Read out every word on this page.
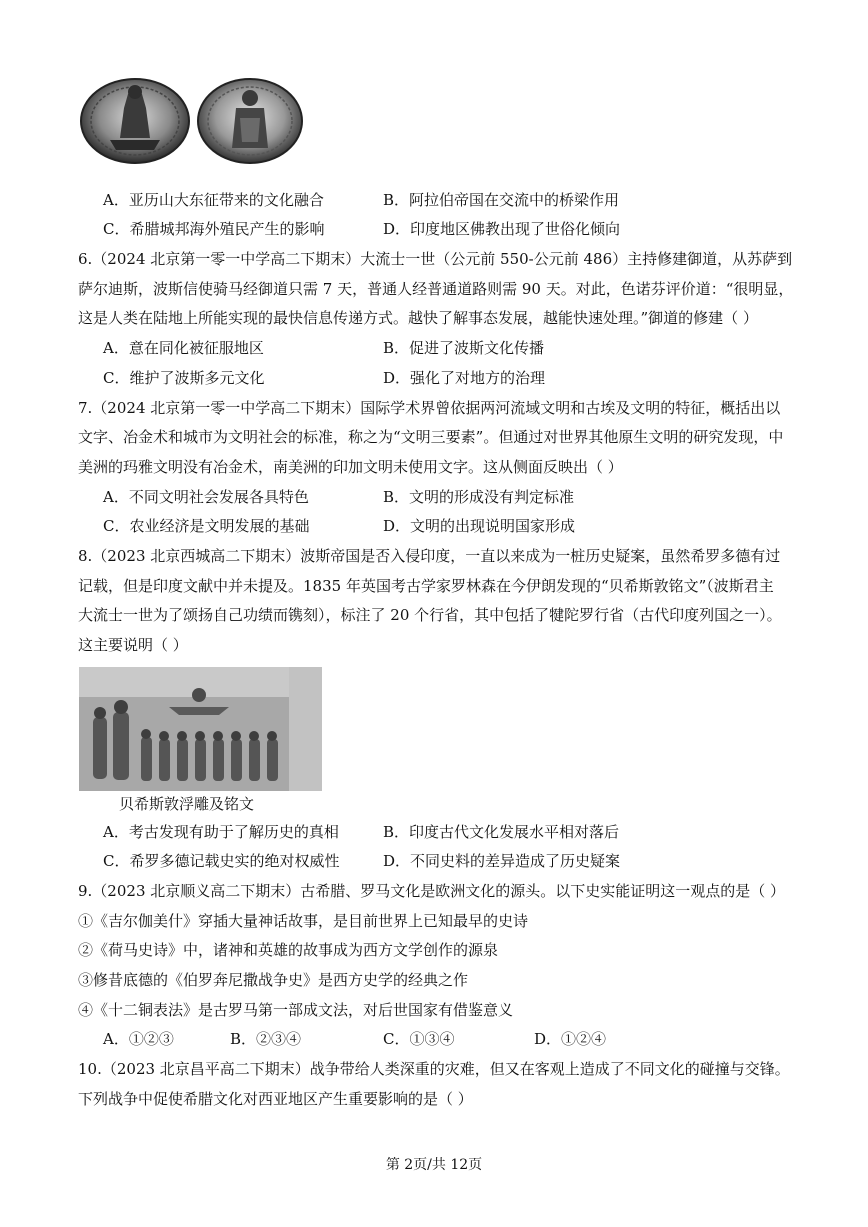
A．亚历山大东征带来的文化融合	B．阿拉伯帝国在交流中的桥梁作用
C．希腊城邦海外殖民产生的影响	D．印度地区佛教出现了世俗化倾向
6.（2024 北京第一零一中学高二下期末）大流士一世（公元前 550-公元前 486）主持修建御道，从苏萨到
萨尔迪斯，波斯信使骑马经御道只需 7 天，普通人经普通道路则需 90 天。对此，色诺芬评价道：“很明显，
这是人类在陆地上所能实现的最快信息传递方式。越快了解事态发展，越能快速处理。”御道的修建（ ）
A．意在同化被征服地区	B．促进了波斯文化传播
C．维护了波斯多元文化	D．强化了对地方的治理
7.（2024 北京第一零一中学高二下期末）国际学术界曾依据两河流域文明和古埃及文明的特征，概括出以
文字、冶金术和城市为文明社会的标准，称之为“文明三要素”。但通过对世界其他原生文明的研究发现，中
美洲的玛雅文明没有冶金术，南美洲的印加文明未使用文字。这从侧面反映出（ ）
A．不同文明社会发展各具特色	B．文明的形成没有判定标准
C．农业经济是文明发展的基础	D．文明的出现说明国家形成
8.（2023 北京西城高二下期末）波斯帝国是否入侵印度，一直以来成为一桩历史疑案，虽然希罗多德有过
记载，但是印度文献中并未提及。1835 年英国考古学家罗林森在今伊朗发现的“贝希斯敦铭文”（波斯君主
大流士一世为了颂扬自己功绩而镌刻），标注了 20 个行省，其中包括了犍陀罗行省（古代印度列国之一）。
这主要说明（ ）
贝希斯敦浮雕及铭文
A．考古发现有助于了解历史的真相	B．印度古代文化发展水平相对落后
C．希罗多德记载史实的绝对权威性	D．不同史料的差异造成了历史疑案
9.（2023 北京顺义高二下期末）古希腊、罗马文化是欧洲文化的源头。以下史实能证明这一观点的是（ ）
①《吉尔伽美什》穿插大量神话故事，是目前世界上已知最早的史诗
②《荷马史诗》中，诸神和英雄的故事成为西方文学创作的源泉
③修昔底德的《伯罗奔尼撒战争史》是西方史学的经典之作
④《十二铜表法》是古罗马第一部成文法，对后世国家有借鉴意义
A．①②③	B．②③④	C．①③④	D．①②④
10.（2023 北京昌平高二下期末）战争带给人类深重的灾难，但又在客观上造成了不同文化的碰撞与交锋。
下列战争中促使希腊文化对西亚地区产生重要影响的是（ ）
第 2页/共 12页
